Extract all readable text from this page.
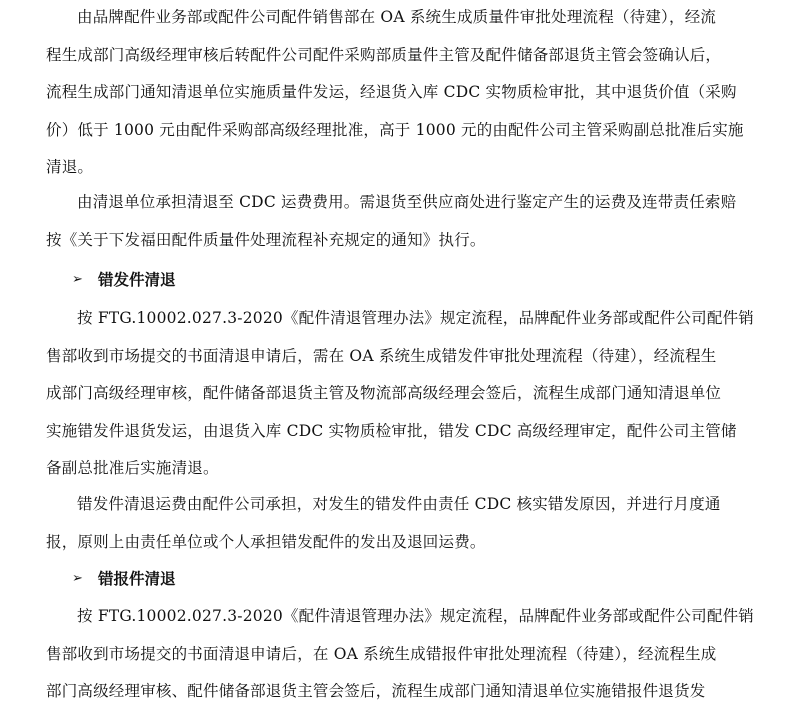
由品牌配件业务部或配件公司配件销售部在 OA 系统生成质量件审批处理流程（待建），经流
程生成部门高级经理审核后转配件公司配件采购部质量件主管及配件储备部退货主管会签确认后，
流程生成部门通知清退单位实施质量件发运，经退货入库 CDC 实物质检审批，其中退货价值（采购
价）低于 1000 元由配件采购部高级经理批准，高于 1000 元的由配件公司主管采购副总批准后实施
清退。
由清退单位承担清退至 CDC 运费费用。需退货至供应商处进行鉴定产生的运费及连带责任索赔
按《关于下发福田配件质量件处理流程补充规定的通知》执行。
➢ 错发件清退
按 FTG.10002.027.3-2020《配件清退管理办法》规定流程，品牌配件业务部或配件公司配件销
售部收到市场提交的书面清退申请后，需在 OA 系统生成错发件审批处理流程（待建），经流程生
成部门高级经理审核，配件储备部退货主管及物流部高级经理会签后，流程生成部门通知清退单位
实施错发件退货发运，由退货入库 CDC 实物质检审批，错发 CDC 高级经理审定，配件公司主管储
备副总批准后实施清退。
错发件清退运费由配件公司承担，对发生的错发件由责任 CDC 核实错发原因，并进行月度通
报，原则上由责任单位或个人承担错发配件的发出及退回运费。
➢ 错报件清退
按 FTG.10002.027.3-2020《配件清退管理办法》规定流程，品牌配件业务部或配件公司配件销
售部收到市场提交的书面清退申请后，在 OA 系统生成错报件审批处理流程（待建），经流程生成
部门高级经理审核、配件储备部退货主管会签后，流程生成部门通知清退单位实施错报件退货发
